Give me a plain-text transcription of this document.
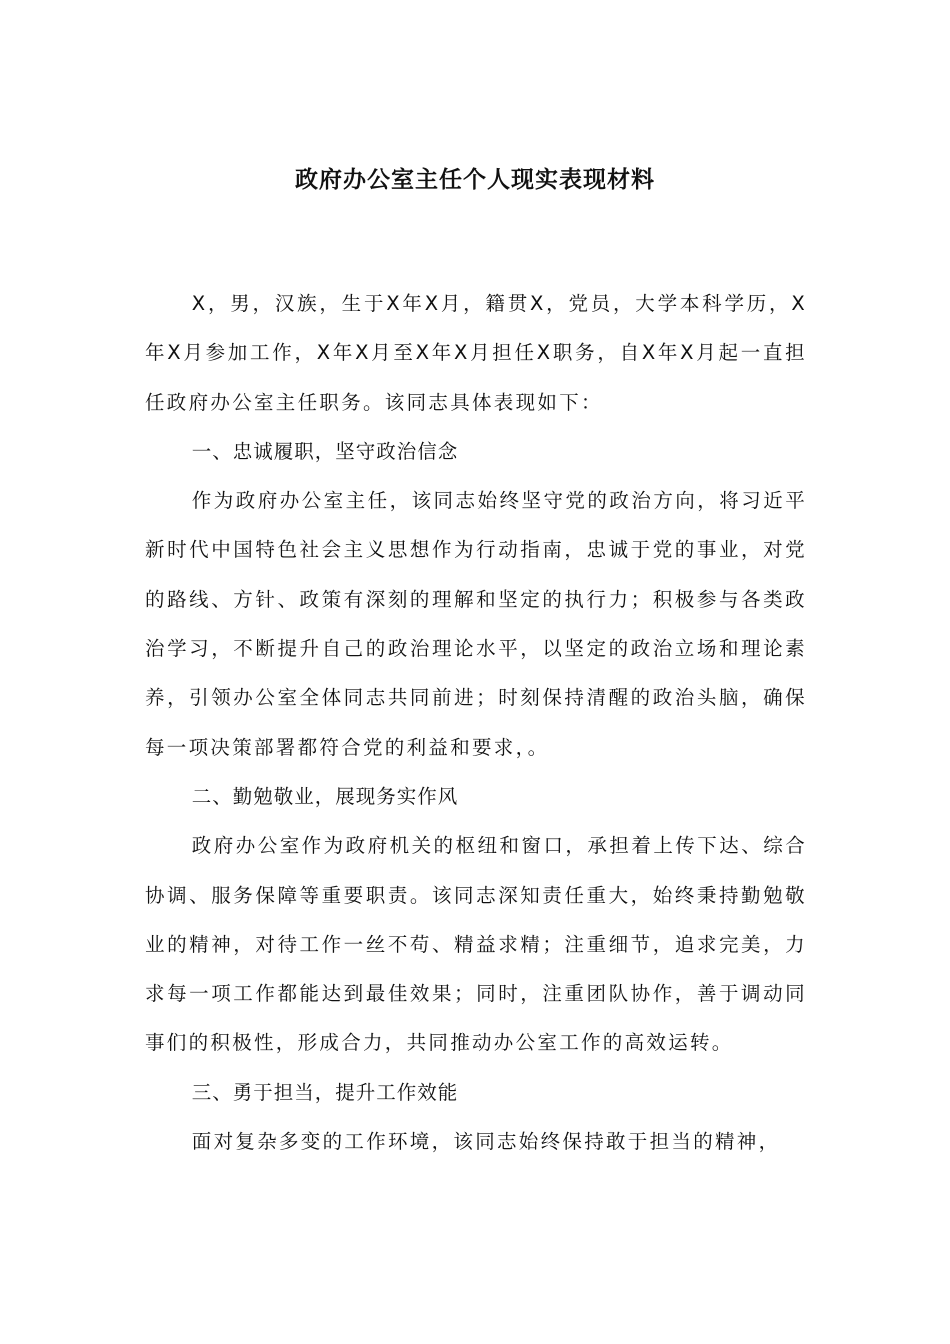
政府办公室主任个人现实表现材料

X，男，汉族，生于X年X月，籍贯X，党员，大学本科学历，X年X月参加工作，X年X月至X年X月担任X职务，自X年X月起一直担任政府办公室主任职务。该同志具体表现如下：

一、忠诚履职，坚守政治信念

作为政府办公室主任，该同志始终坚守党的政治方向，将习近平新时代中国特色社会主义思想作为行动指南，忠诚于党的事业，对党的路线、方针、政策有深刻的理解和坚定的执行力；积极参与各类政治学习，不断提升自己的政治理论水平，以坚定的政治立场和理论素养，引领办公室全体同志共同前进；时刻保持清醒的政治头脑，确保每一项决策部署都符合党的利益和要求，。

二、勤勉敬业，展现务实作风

政府办公室作为政府机关的枢纽和窗口，承担着上传下达、综合协调、服务保障等重要职责。该同志深知责任重大，始终秉持勤勉敬业的精神，对待工作一丝不苟、精益求精；注重细节，追求完美，力求每一项工作都能达到最佳效果；同时，注重团队协作，善于调动同事们的积极性，形成合力，共同推动办公室工作的高效运转。

三、勇于担当，提升工作效能

面对复杂多变的工作环境，该同志始终保持敢于担当的精神，
